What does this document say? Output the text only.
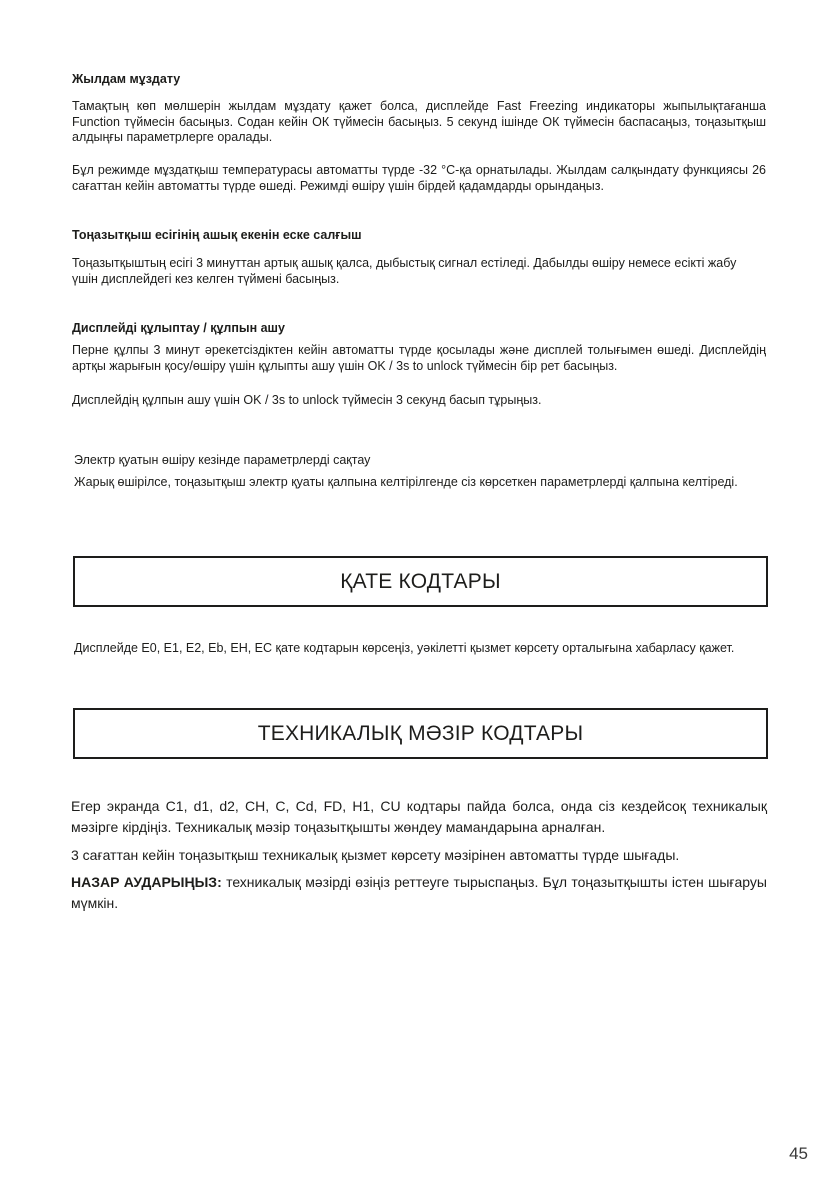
Жылдам мұздату

Тамақтың көп мөлшерін жылдам мұздату қажет болса, дисплейде Fast Freezing индикаторы жыпылықтағанша Function түймесін басыңыз. Содан кейін ОК түймесін басыңыз. 5 секунд ішінде ОК түймесін баспасаңыз, тоңазытқыш алдыңғы параметрлерге оралады.

Бұл режимде мұздатқыш температурасы автоматты түрде -32 °C-қа орнатылады. Жылдам салқындату функциясы 26 сағаттан кейін автоматты түрде өшеді. Режимді өшіру үшін бірдей қадамдарды орындаңыз.

Тоңазытқыш есігінің ашық екенін еске салғыш

Тоңазытқыштың есігі 3 минуттан артық ашық қалса, дыбыстық сигнал естіледі. Дабылды өшіру немесе есікті жабу үшін дисплейдегі кез келген түймені басыңыз.

Дисплейді құлыптау / құлпын ашу

Перне құлпы 3 минут әрекетсіздіктен кейін автоматты түрде қосылады және дисплей толығымен өшеді. Дисплейдің артқы жарығын қосу/өшіру үшін құлыпты ашу үшін OK / 3s to unlock түймесін бір рет басыңыз.

Дисплейдің құлпын ашу үшін OK / 3s to unlock түймесін 3 секунд басып тұрыңыз.

Электр қуатын өшіру кезінде параметрлерді сақтау

Жарық өшірілсе, тоңазытқыш электр қуаты қалпына келтірілгенде сіз көрсеткен параметрлерді қалпына келтіреді.

ҚАТЕ КОДТАРЫ

Дисплейде E0, E1, E2, Eb, EH, EC қате кодтарын көрсеңіз, уәкілетті қызмет көрсету орталығына хабарласу қажет.

ТЕХНИКАЛЫҚ МӘЗІР КОДТАРЫ

Егер экранда C1, d1, d2, CH, C, Cd, FD, H1, CU кодтары пайда болса, онда сіз кездейсоқ техникалық мәзірге кірдіңіз. Техникалық мәзір тоңазытқышты жөндеу мамандарына арналған.

3 сағаттан кейін тоңазытқыш техникалық қызмет көрсету мәзірінен автоматты түрде шығады.

НАЗАР АУДАРЫҢЫЗ: техникалық мәзірді өзіңіз реттеуге тырыспаңыз. Бұл тоңазытқышты істен шығаруы мүмкін.

45
